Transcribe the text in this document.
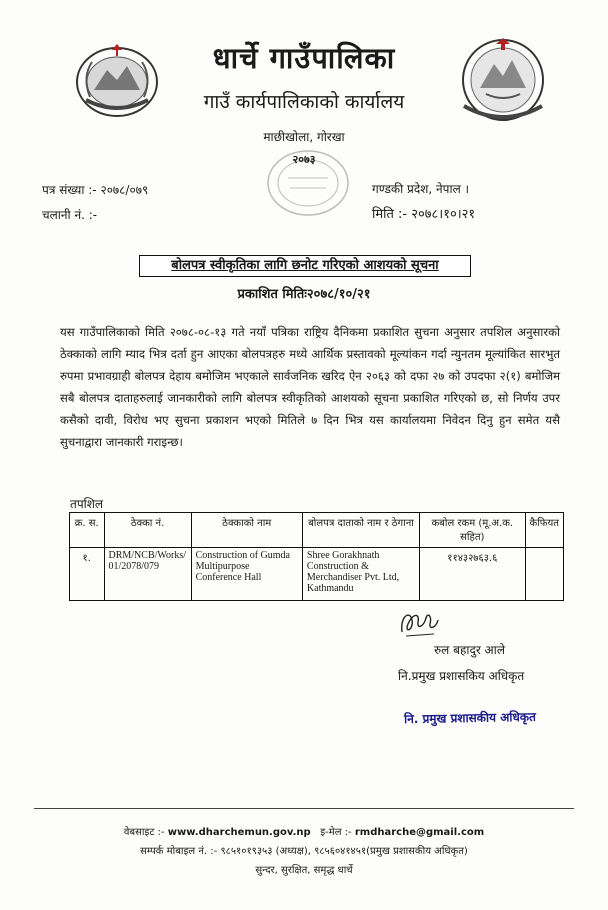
धार्चे गाउँपालिका
गाउँ कार्यपालिकाको कार्यालय
माछीखोला, गोरखा
२०७३
पत्र संख्या :- २०७८/०७९
चलानी नं. :-
गण्डकी प्रदेश, नेपाल ।
मिति :- २०७८।१०।२१
बोलपत्र स्वीकृतिका लागि छनोट गरिएको आशयको सूचना
प्रकाशित मितिः२०७८/१०/२१
यस गाउँपालिकाको मिति २०७८-०८-१३ गते नयाँ पत्रिका राष्ट्रिय दैनिकमा प्रकाशित सुचना अनुसार तपशिल अनुसारको ठेक्काको लागि म्याद भित्र दर्ता हुन आएका बोलपत्रहरु मध्ये आर्थिक प्रस्तावको मूल्यांकन गर्दा न्युनतम मूल्यांकित सारभुत रुपमा प्रभावग्राही बोलपत्र देहाय बमोजिम भएकाले सार्वजनिक खरिद ऐन २०६३ को दफा २७ को उपदफा २(१) बमोजिम सबै बोलपत्र दाताहरुलाई जानकारीको लागि बोलपत्र स्वीकृतिको आशयको सूचना प्रकाशित गरिएको छ, सो निर्णय उपर कसैको दावी, विरोध भए सुचना प्रकाशन भएको मितिले ७ दिन भित्र यस कार्यालयमा निवेदन दिनु हुन समेत यसै सुचनाद्वारा जानकारी गराइन्छ।
तपशिल
क्र. स.	ठेक्का नं.	ठेक्काको नाम	बोलपत्र दाताको नाम र ठेगाना	कबोल रकम (मू.अ.क. सहित)	कैफियत
१.	DRM/NCB/Works/01/2078/079	Construction of Gumda Multipurpose Conference Hall	Shree Gorakhnath Construction & Merchandiser Pvt. Ltd, Kathmandu	११४३२७६३.६	
रुल बहादुर आले
नि.प्रमुख प्रशासकिय अधिकृत
नि. प्रमुख प्रशासकीय अधिकृत
वेबसाइट :- www.dharchemun.gov.np इ-मेल :- rmdharche@gmail.com
सम्पर्क मोबाइल नं. :- ९८५१०१९३५३ (अध्यक्ष), ९८५६०४१४५१(प्रमुख प्रशासकीय अधिकृत)
सुन्दर, सुरक्षित, समृद्ध धार्चे
